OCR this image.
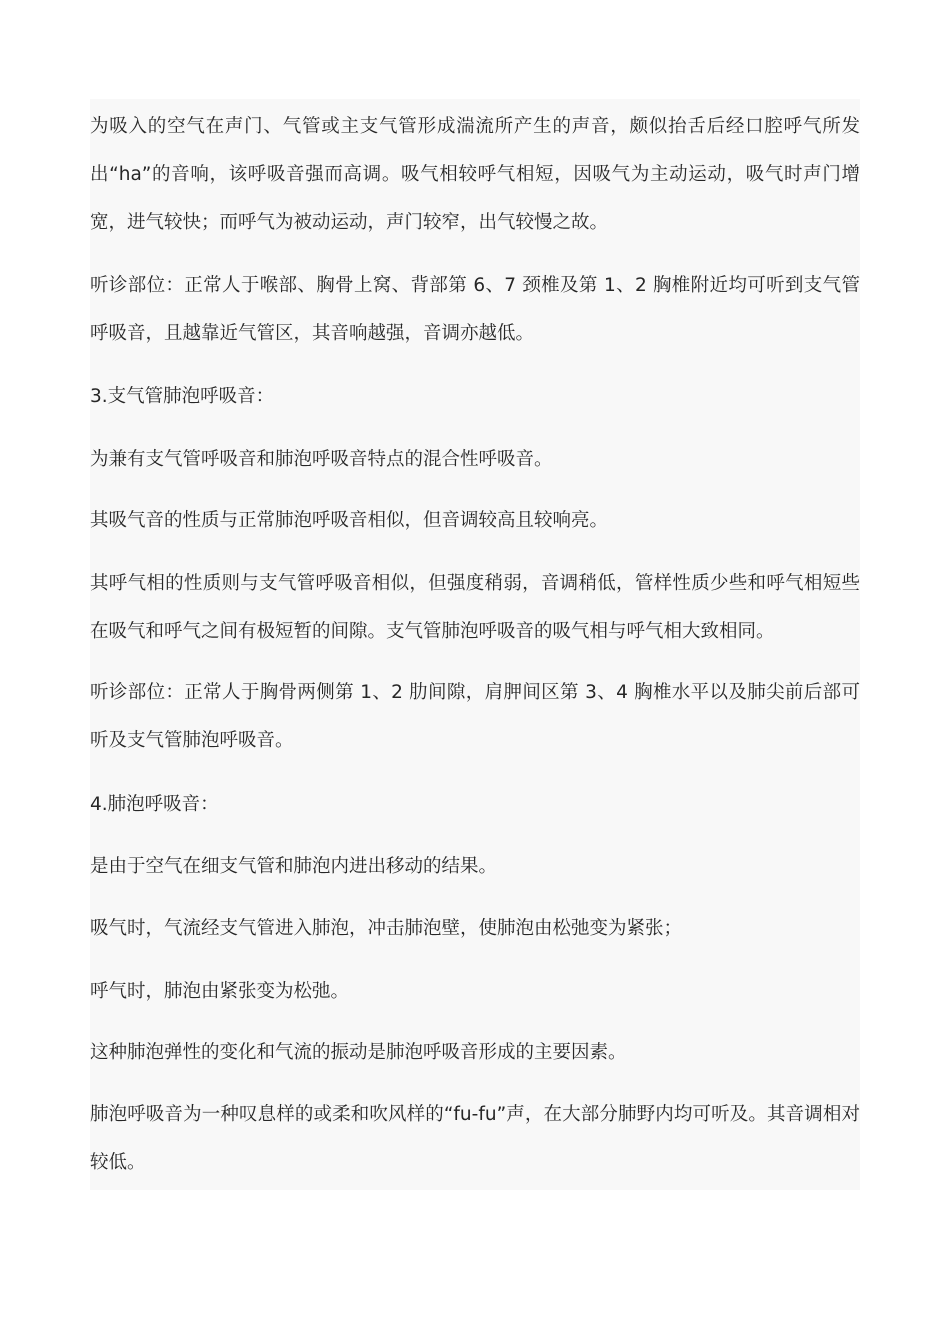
为吸入的空气在声门、气管或主支气管形成湍流所产生的声音，颇似抬舌后经口腔呼气所发出“ha”的音响，该呼吸音强而高调。吸气相较呼气相短，因吸气为主动运动，吸气时声门增宽，进气较快；而呼气为被动运动，声门较窄，出气较慢之故。

听诊部位：正常人于喉部、胸骨上窝、背部第 6、7 颈椎及第 1、2 胸椎附近均可听到支气管呼吸音，且越靠近气管区，其音响越强，音调亦越低。

3.支气管肺泡呼吸音：

为兼有支气管呼吸音和肺泡呼吸音特点的混合性呼吸音。

其吸气音的性质与正常肺泡呼吸音相似，但音调较高且较响亮。

其呼气相的性质则与支气管呼吸音相似，但强度稍弱，音调稍低，管样性质少些和呼气相短些在吸气和呼气之间有极短暂的间隙。支气管肺泡呼吸音的吸气相与呼气相大致相同。

听诊部位：正常人于胸骨两侧第 1、2 肋间隙，肩胛间区第 3、4 胸椎水平以及肺尖前后部可听及支气管肺泡呼吸音。

4.肺泡呼吸音：

是由于空气在细支气管和肺泡内进出移动的结果。

吸气时，气流经支气管进入肺泡，冲击肺泡壁，使肺泡由松弛变为紧张；

呼气时，肺泡由紧张变为松弛。

这种肺泡弹性的变化和气流的振动是肺泡呼吸音形成的主要因素。

肺泡呼吸音为一种叹息样的或柔和吹风样的“fu-fu”声，在大部分肺野内均可听及。其音调相对较低。
